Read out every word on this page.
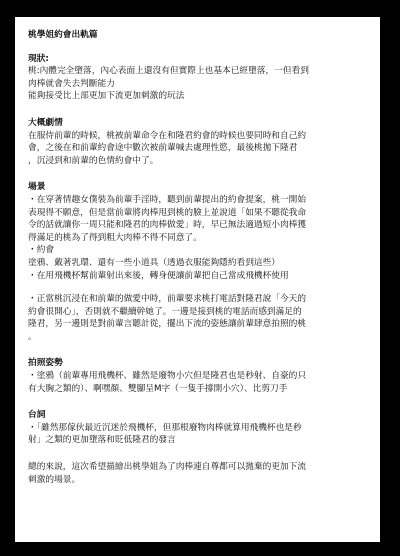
桃學姐約會出軌篇

現狀:

桃:內體完全墮落，內心表面上還沒有但實際上也基本已經墮落，一但看到

肉棒就會失去判斷能力

能夠接受比上部更加下流更加刺激的玩法

大概劇情

在服侍前輩的時候，桃被前輩命令在和隆君約會的時候也要同時和自己約

會，之後在和前輩約會途中數次被前輩喊去處理性慾，最後桃拋下隆君

，沉浸到和前輩的色情約會中了。

場景

・在穿著情趣女僕裝為前輩手淫時，聽到前輩提出的約會提案，桃一開始

表現得不願意，但是當前輩將肉棒甩到桃的臉上並說道「如果不聽從我命

令的話就讓你一周只能和隆君的肉棒做愛」時，早已無法適過短小肉棒獲

得滿足的桃為了得到粗大肉棒不得不同意了。

・約會

塗鴉、戴著乳環、還有一些小道具（透過衣服能夠隱約看到這些）

・在用飛機杯幫前輩射出來後，轉身便讓前輩把自己當成飛機杯使用

・正當桃沉浸在和前輩的做愛中時，前輩要求桃打電話對隆君說「今天的

約會很開心」，否則就不繼續幹她了。一邊是接到桃的電話而感到滿足的

隆君，另一邊則是對前輩言聽計從，擺出下流的姿態讓前輩肆意拍照的桃

。

拍照姿勢

・塗鴉（前輩專用飛機杯、雖然是廢物小穴但是隆君也是秒射、自豪的只

有大胸之類的）、啊嘿顏、雙腳呈M字（一隻手撐開小穴）、比剪刀手

台詞

・「雖然那傢伙最近沉迷於飛機杯，但那根廢物肉棒就算用飛機杯也是秒

射」之類的更加墮落和貶低隆君的發言

總的來說，這次希望描繪出桃學姐為了肉棒連自尊都可以拋棄的更加下流

刺激的場景。
